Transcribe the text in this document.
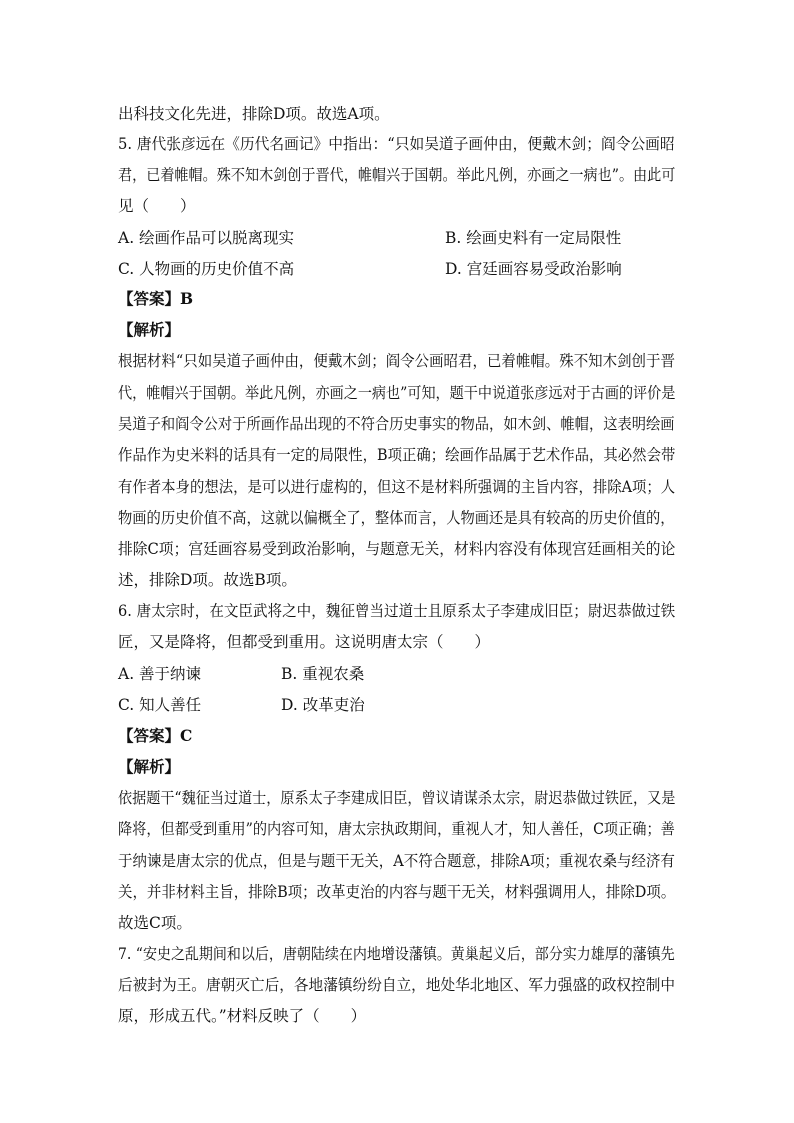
出科技文化先进，排除D项。故选A项。
5. 唐代张彦远在《历代名画记》中指出：“只如吴道子画仲由，便戴木剑；阎令公画昭
君，已着帷帽。殊不知木剑创于晋代，帷帽兴于国朝。举此凡例，亦画之一病也”。由此可
见（　　）
A. 绘画作品可以脱离现实	B. 绘画史料有一定局限性
C. 人物画的历史价值不高	D. 宫廷画容易受政治影响
【答案】B
【解析】
根据材料“只如吴道子画仲由，便戴木剑；阎令公画昭君，已着帷帽。殊不知木剑创于晋
代，帷帽兴于国朝。举此凡例，亦画之一病也”可知，题干中说道张彦远对于古画的评价是
吴道子和阎令公对于所画作品出现的不符合历史事实的物品，如木剑、帷帽，这表明绘画
作品作为史米料的话具有一定的局限性，B项正确；绘画作品属于艺术作品，其必然会带
有作者本身的想法，是可以进行虚构的，但这不是材料所强调的主旨内容，排除A项；人
物画的历史价值不高，这就以偏概全了，整体而言，人物画还是具有较高的历史价值的，
排除C项；宫廷画容易受到政治影响，与题意无关，材料内容没有体现宫廷画相关的论
述，排除D项。故选B项。
6. 唐太宗时，在文臣武将之中，魏征曾当过道士且原系太子李建成旧臣；尉迟恭做过铁
匠，又是降将，但都受到重用。这说明唐太宗（　　）
A. 善于纳谏	B. 重视农桑
C. 知人善任	D. 改革吏治
【答案】C
【解析】
依据题干“魏征当过道士，原系太子李建成旧臣，曾议请谋杀太宗，尉迟恭做过铁匠，又是
降将，但都受到重用”的内容可知，唐太宗执政期间，重视人才，知人善任，C项正确；善
于纳谏是唐太宗的优点，但是与题干无关，A不符合题意，排除A项；重视农桑与经济有
关，并非材料主旨，排除B项；改革吏治的内容与题干无关，材料强调用人，排除D项。
故选C项。
7. “安史之乱期间和以后，唐朝陆续在内地增设藩镇。黄巢起义后，部分实力雄厚的藩镇先
后被封为王。唐朝灭亡后，各地藩镇纷纷自立，地处华北地区、军力强盛的政权控制中
原，形成五代。”材料反映了（　　）
